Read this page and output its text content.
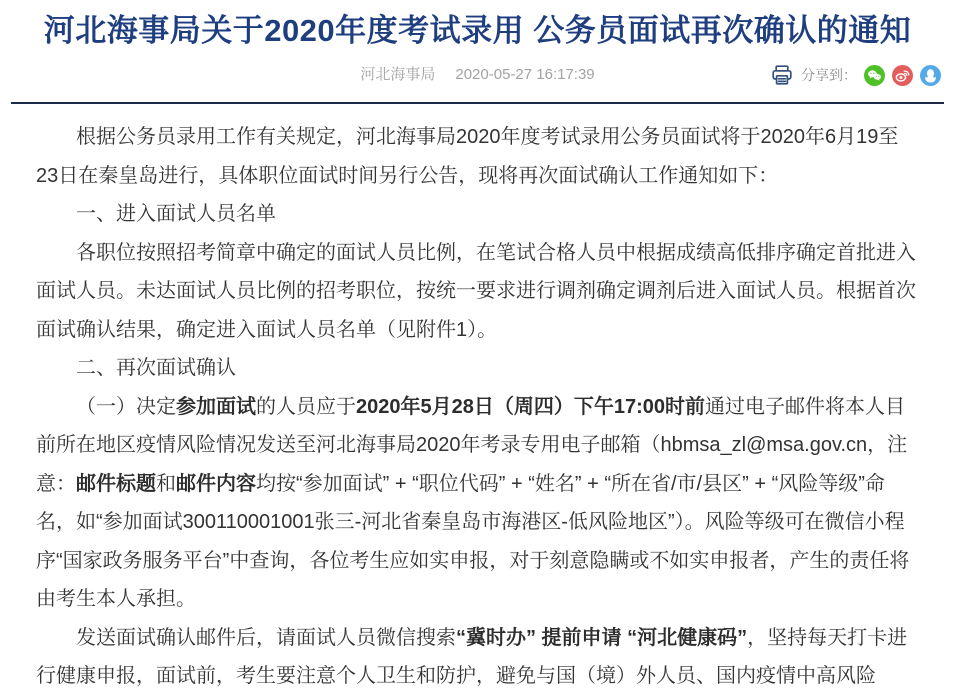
河北海事局关于2020年度考试录用 公务员面试再次确认的通知
河北海事局 2020-05-27 16:17:39	分享到：

根据公务员录用工作有关规定，河北海事局2020年度考试录用公务员面试将于2020年6月19至23日在秦皇岛进行，具体职位面试时间另行公告，现将再次面试确认工作通知如下：

一、进入面试人员名单

各职位按照招考简章中确定的面试人员比例，在笔试合格人员中根据成绩高低排序确定首批进入面试人员。未达面试人员比例的招考职位，按统一要求进行调剂确定调剂后进入面试人员。根据首次面试确认结果，确定进入面试人员名单（见附件1）。

二、再次面试确认

（一）决定参加面试的人员应于2020年5月28日（周四）下午17:00时前通过电子邮件将本人目前所在地区疫情风险情况发送至河北海事局2020年考录专用电子邮箱（hbmsa_zl@msa.gov.cn，注意：邮件标题和邮件内容均按“参加面试” + “职位代码” + “姓名” + “所在省/市/县区” + “风险等级”命名，如“参加面试300110001001张三-河北省秦皇岛市海港区-低风险地区”）。风险等级可在微信小程序“国家政务服务平台”中查询，各位考生应如实申报，对于刻意隐瞒或不如实申报者，产生的责任将由考生本人承担。

发送面试确认邮件后，请面试人员微信搜索“冀时办” 提前申请 “河北健康码”，坚持每天打卡进行健康申报，面试前，考生要注意个人卫生和防护，避免与国（境）外人员、国内疫情中高风险
